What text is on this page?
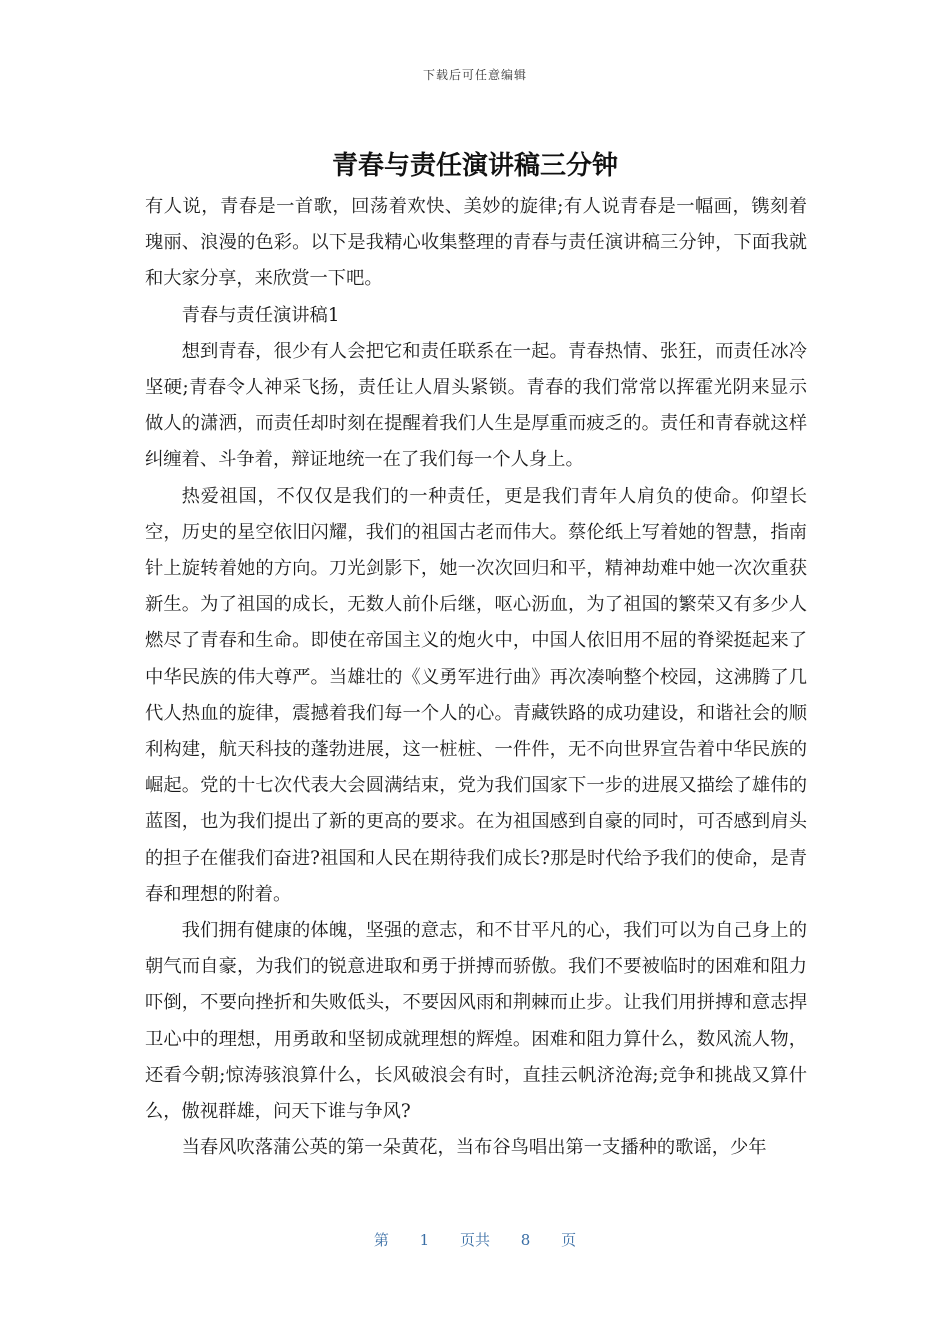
下载后可任意编辑
青春与责任演讲稿三分钟

有人说，青春是一首歌，回荡着欢快、美妙的旋律;有人说青春是一幅画，镌刻着瑰丽、浪漫的色彩。以下是我精心收集整理的青春与责任演讲稿三分钟，下面我就和大家分享，来欣赏一下吧。

青春与责任演讲稿1

想到青春，很少有人会把它和责任联系在一起。青春热情、张狂，而责任冰冷坚硬;青春令人神采飞扬，责任让人眉头紧锁。青春的我们常常以挥霍光阴来显示做人的潇洒，而责任却时刻在提醒着我们人生是厚重而疲乏的。责任和青春就这样纠缠着、斗争着，辩证地统一在了我们每一个人身上。

热爱祖国，不仅仅是我们的一种责任，更是我们青年人肩负的使命。仰望长空，历史的星空依旧闪耀，我们的祖国古老而伟大。蔡伦纸上写着她的智慧，指南针上旋转着她的方向。刀光剑影下，她一次次回归和平，精神劫难中她一次次重获新生。为了祖国的成长，无数人前仆后继，呕心沥血，为了祖国的繁荣又有多少人燃尽了青春和生命。即使在帝国主义的炮火中，中国人依旧用不屈的脊梁挺起来了中华民族的伟大尊严。当雄壮的《义勇军进行曲》再次凑响整个校园，这沸腾了几代人热血的旋律，震撼着我们每一个人的心。青藏铁路的成功建设，和谐社会的顺利构建，航天科技的蓬勃进展，这一桩桩、一件件，无不向世界宣告着中华民族的崛起。党的十七次代表大会圆满结束，党为我们国家下一步的进展又描绘了雄伟的蓝图，也为我们提出了新的更高的要求。在为祖国感到自豪的同时，可否感到肩头的担子在催我们奋进?祖国和人民在期待我们成长?那是时代给予我们的使命，是青春和理想的附着。

我们拥有健康的体魄，坚强的意志，和不甘平凡的心，我们可以为自己身上的朝气而自豪，为我们的锐意进取和勇于拼搏而骄傲。我们不要被临时的困难和阻力吓倒，不要向挫折和失败低头，不要因风雨和荆棘而止步。让我们用拼搏和意志捍卫心中的理想，用勇敢和坚韧成就理想的辉煌。困难和阻力算什么，数风流人物，还看今朝;惊涛骇浪算什么，长风破浪会有时，直挂云帆济沧海;竞争和挑战又算什么，傲视群雄，问天下谁与争风?

当春风吹落蒲公英的第一朵黄花，当布谷鸟唱出第一支播种的歌谣，少年

第 1 页共 8 页
